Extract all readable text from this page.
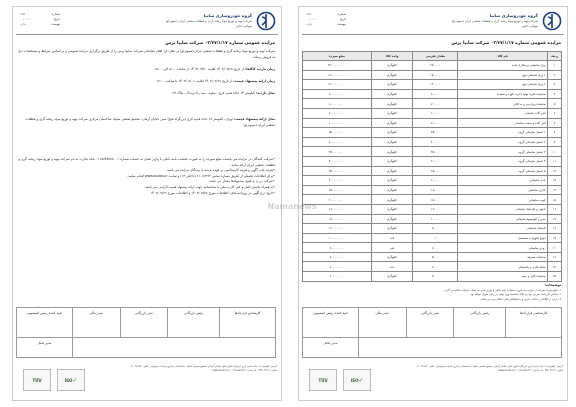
گروه خودروسازی سایپا
شرکت تهیه و توزیع مواد ریخته گری و قطعات صنعتی ایران (سیوتراو)
سهامی خاص
شماره
۱۵۵۰۰
تاریخ
۰۰/۰۰/۰۰
پیوست
ندارد
مزایده عمومی شماره ۰۳/۲۷/۱/۱۷ شرکت سایپا پرس
ردیف	نام کالا	مقدار تقریبی	واحد کالا	مبلغ سپرده
۱	ورق ضایعاتی پرسکاری شده	۲۵۰،۰۰۰	کیلوگرم	۳،۲۰۰،۰۰۰،۰۰۰
۲	۱ ورق ضایعاتی نوع	۱۵۰،۰۰۰	کیلوگرم	۱،۸۰۰،۰۰۰،۰۰۰
۳	۲ ورق ضایعاتی نوع	۱۲۰،۰۰۰	کیلوگرم	۱،۴۰۰،۰۰۰،۰۰۰
۴	ضایعات فلزی تولید (خرده کوره و تسمه)	۸۰،۰۰۰	کیلوگرم	۹۰۰،۰۰۰،۰۰۰
۵	ضایعات ورق سر و ته کلاف	۷۰،۰۰۰	کیلوگرم	۸۰۰،۰۰۰،۰۰۰
۶	آهن آلات ضایعاتی	۶۰،۰۰۰	کیلوگرم	۷۰۰،۰۰۰،۰۰۰
۷	آهن آلات و سقف ضایعاتی	۵۰،۰۰۰	کیلوگرم	۶۰۰،۰۰۰،۰۰۰
۸	۱ استیل ضایعاتی گروه	۴۵،۰۰۰	کیلوگرم	۵۵۰،۰۰۰،۰۰۰
۹	۲ استیل ضایعاتی گروه	۴۰،۰۰۰	کیلوگرم	۵۰۰،۰۰۰،۰۰۰
۱۰	۳ استیل ضایعاتی گروه	۳۵،۰۰۰	کیلوگرم	۴۵۰،۰۰۰،۰۰۰
۱۱	۴ استیل ضایعاتی گروه	۳۰،۰۰۰	کیلوگرم	۴۰۰،۰۰۰،۰۰۰
۱۲	۵ استیل ضایعاتی گروه	۲۵،۰۰۰	کیلوگرم	۳۵۰،۰۰۰،۰۰۰
۱۳	چدن ضایعاتی	۲۰،۰۰۰	کیلوگرم	۳۰۰،۰۰۰،۰۰۰
۱۴	کارتن ضایعاتی	۱۸،۰۰۰	کیلوگرم	۲۵۰،۰۰۰،۰۰۰
۱۵	چوب ضایعاتی	۱۵،۰۰۰	کیلوگرم	۲۰۰،۰۰۰،۰۰۰
۱۶	نایلون و پلاستیک ضایعاتی	۱۲،۰۰۰	کیلوگرم	۱۸۰،۰۰۰،۰۰۰
۱۷	مس و آلومینیوم ضایعاتی	۱۰،۰۰۰	کیلوگرم	۱۵۰،۰۰۰،۰۰۰
۱۸	لاستیک ضایعاتی	۸،۰۰۰	کیلوگرم	۱۲۰،۰۰۰،۰۰۰
۱۹	انواع تجهیزات مستعمل	۱	لات	۱۰۰،۰۰۰،۰۰۰
۲۰	روغن ضایعاتی	۶،۰۰۰	لیتر	۹۰،۰۰۰،۰۰۰
۲۱	ضایعات متفرقه	۵،۰۰۰	کیلوگرم	۸۰،۰۰۰،۰۰۰
۲۲	بشکه فلزی و پلاستیکی	۲،۰۰۰	عدد	۷۰،۰۰۰،۰۰۰
۲۳	ضایعات کابل و سیم	۳،۰۰۰	کیلوگرم	۶۰،۰۰۰،۰۰۰
توضیحات:
۱- مبلغ سپرده شرکت در مزایده به صورت ضمانت نامه بانکی یا واریز نقدی به حساب شرکت اعلام می گردد.
۲- مقادیر ذکر شده تقریبی بوده و ملاک محاسبه وزن نهایی در زمان تحویل خواهد بود.
۳- بازدید از کالاها در ساعات اداری و با هماهنگی قبلی امکان پذیر می باشد.
کارشناسی قراردادها	رئیس بازرگانی	مدیر بازرگانی	مدیر مالی	تایید کننده رئیس کمیسیون
				مدیر عامل
آدرس: کیلومتر ۱۸ جاده قدیم کرج (بزرگراه فتح) نبش خیابان آرمان مجتمع صنعتی سایپا - ساختمان مرکزی شرکت سیوتراو - تلفن: ۶۱۰۶۷۹۹۲ - فکس: ۴۴۵۰۴۸۱۳ - کد پستی: ۱۳۸۸۵۸۸۳۱۴ - www.sudico.ir
✓
ISO
TÜV
گروه خودروسازی سایپا
شرکت تهیه و توزیع مواد ریخته گری و قطعات صنعتی ایران (سیوتراو)
سهامی خاص
شماره
۱۵۵۰۰
تاریخ
۰۰/۰۰/۰۰
پیوست
ندارد
مزایده عمومی شماره ۰۳/۲۷/۱/۱۷ شرکت سایپا پرس
شرکت تهیه و توزیع مواد ریخته گری و قطعات صنعتی ایران (سیوتراو) در نظر دارد اقلام ضایعاتی شرکت سایپا پرس را از طریق برگزاری مزایده عمومی و بر اساس شرایط و مشخصات ذیل به فروش رساند.
زمان بازدید کالاها: از تاریخ ۱۴۰۳/۰۷/۲۸ لغایت ۱۴۰۳/۰۷/۳۰ از ساعت ۸:۰۰ الی ۱۵:۰۰
زمان ارائه پیشنهاد قیمت: از تاریخ ۱۴۰۳/۰۷/۲۸ لغایت ۱۴۰۳/۰۸/۰۱ تا ساعت ۱۷:۰۰
محل بازدید: کیلومتر ۱۴ جاده قدیم کرج - ساوه - سه راه پرندک - پلاک ۳۹
محل ارائه پیشنهاد قیمت: تهران، کیلومتر ۱۸ جاده قدیم کرج (بزرگراه فتح) نبش خیابان آرمان، مجتمع صنعتی سایپا، ساختمان مرکزی شرکت تهیه و توزیع مواد ریخته گری و قطعات صنعتی ایران (سیوتراو)
• شرکت کنندگان در مزایده می بایست مبلغ سپرده را به صورت ضمانت نامه بانکی یا واریز نقدی به حساب شماره ۰۱۱۵۷۴۵۳۸۷۰۰۱ بانک تجارت به نام شرکت تهیه و توزیع مواد ریخته گری و قطعات صنعتی ایران ارائه نمایند.
• هزینه چاپ آگهی و هزینه کارشناسی بر عهده برنده یا برندگان مزایده می باشد.
• برای اطلاعات تکمیلی از طریق شماره تماس ۶۱۰۶۷۹۹۲ (داخلی ۱۳) و سایت www.sudico.ir اقدام نمایید.
• شرکت در رد یا قبول پیشنهادها مختار می باشد.
• به همراه داشتن اصل و کپی کارت ملی یا شناسنامه جهت ارائه پیشنهاد قیمت الزامی می باشد.
• تاریخ درج آگهی در روزنامه های: اطلاعات مورخ ۱۴۰۳/۰۷/۲۸ و اطلاعات مورخ ۱۴۰۳/۰۷/۲۹
کارشناس قراردادها	رئیس بازرگانی	مدیر بازرگانی	مدیر مالی	تایید کننده رئیس کمیسیون
				مدیر عامل
آدرس: کیلومتر ۱۸ جاده قدیم کرج (بزرگراه فتح) نبش خیابان آرمان مجتمع صنعتی سایپا - ساختمان مرکزی شرکت سیوتراو - تلفن: ۶۱۰۶۷۹۹۲ - فکس: ۴۴۵۰۴۸۱۳ - کد پستی: ۱۳۸۸۵۸۸۳۱۴ - www.sudico.ir
✓
ISO
TÜV
Namanews
